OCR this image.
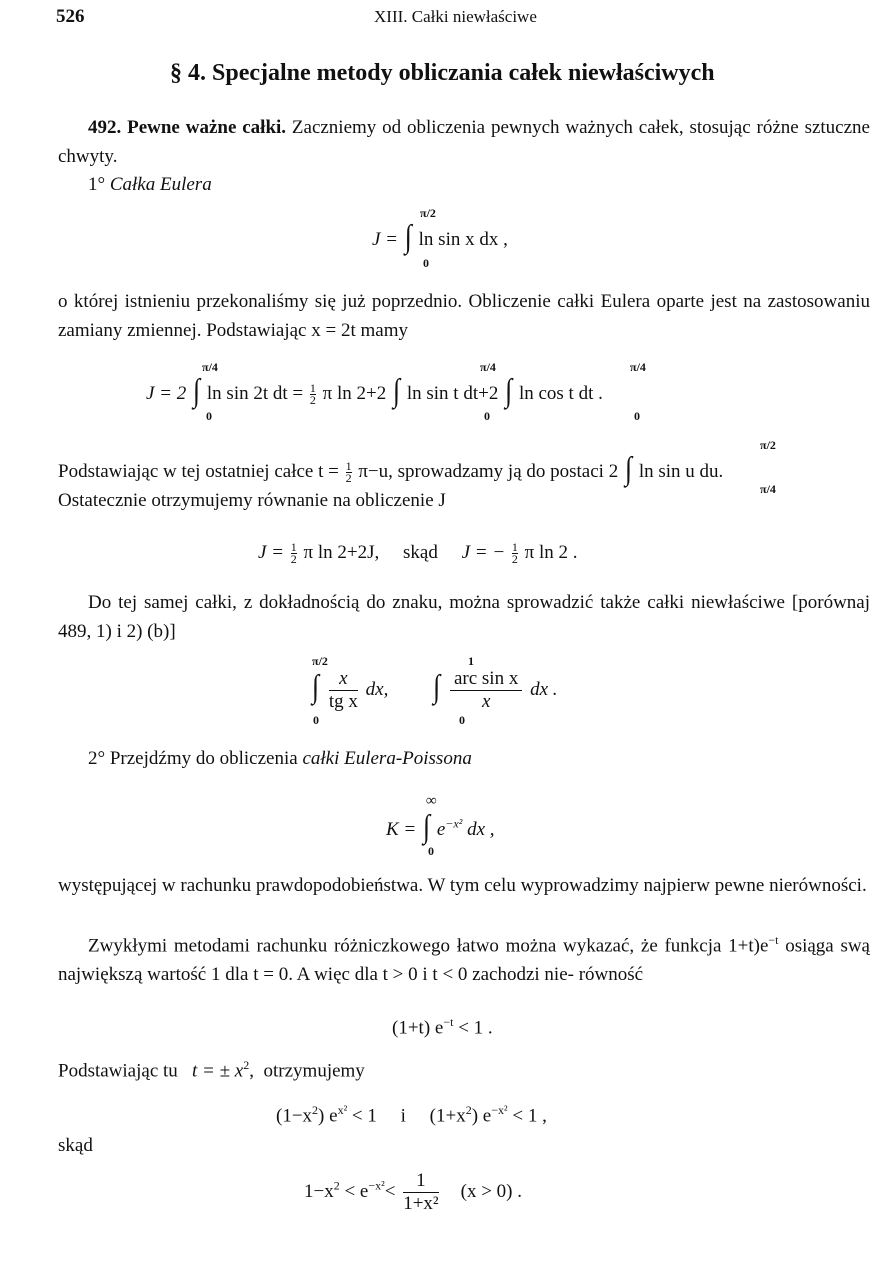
526	XIII. Całki niewłaściwe
§ 4. Specjalne metody obliczania całek niewłaściwych
492. Pewne ważne całki. Zaczniemy od obliczenia pewnych ważnych całek, stosując różne sztuczne chwyty.
1° Całka Eulera
J = ∫ ln sin x dx ,
π/2
0
o której istnieniu przekonaliśmy się już poprzednio. Obliczenie całki Eulera oparte jest na zastosowaniu zamiany zmiennej. Podstawiając x = 2t mamy
J = 2 ∫ ln sin 2t dt = $\frac{1}{2}$ π ln 2+2 ∫ ln sin t dt+2 ∫ ln cos t dt .
π/4
0
π/4
0
π/4
0
Podstawiając w tej ostatniej całce $t = \frac{1}{2} \pi-u$, sprowadzamy ją do postaci 2 ∫ ln sin u du.
π/2
π/4
Ostatecznie otrzymujemy równanie na obliczenie J
$J = \frac{1}{2}$ π ln 2+2J, skąd J = − $\frac{1}{2}$ π ln 2 .
Do tej samej całki, z dokładnością do znaku, można sprowadzić także całki niewłaściwe [porównaj 489, 1) i 2) (b)]
∫ $\frac{x}{\text{tg x}}$ dx, ∫ $\frac{\text{arc sin x}}{x}$ dx .
π/2
0
1
0
2° Przejdźmy do obliczenia całki Eulera-Poissona
K = ∫ $e^{-x^2}$ dx ,
∞
0
występującej w rachunku prawdopodobieństwa. W tym celu wyprowadzimy najpierw pewne nierówności.
Zwykłymi metodami rachunku różniczkowego łatwo można wykazać, że funkcja $1+t)e^{-t}$ osiąga swą największą wartość 1 dla t = 0. A więc dla t > 0 i t < 0 zachodzi nie- równość
(1+t) $e^{-t} < 1$ .
Podstawiając tu t = ± $x^2$, otrzymujemy
$(1-x^2) e^{x^2} < 1$ i $(1+x^2) e^{-x^2} < 1$ ,
skąd
$1-x^2 < e^{-x^2}< \frac{1}{\text{1+x²}} (x > 0)$ .
